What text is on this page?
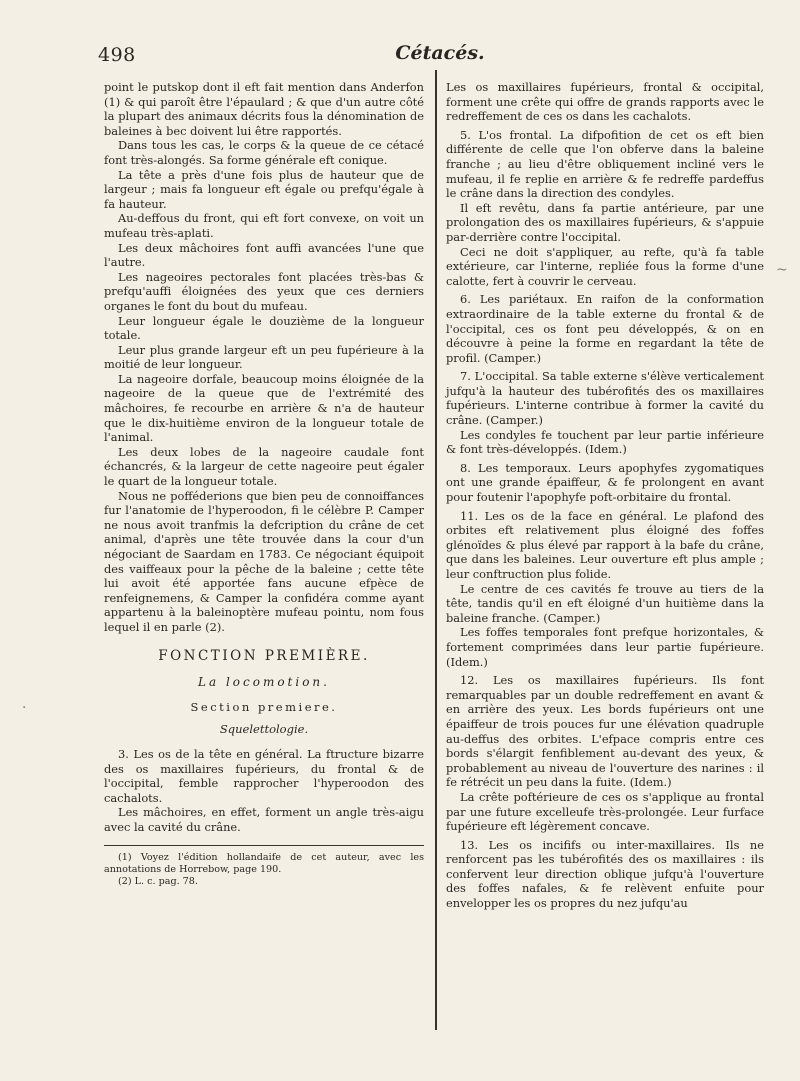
498	Cétacés.

point le putskop dont il eft fait mention dans Anderfon (1) & qui paroît être l'épaulard ; & que d'un autre côté la plupart des animaux décrits fous la dénomination de baleines à bec doivent lui être rapportés.

Dans tous les cas, le corps & la queue de ce cétacé font très-alongés. Sa forme générale eft conique.

La tête a près d'une fois plus de hauteur que de largeur ; mais fa longueur eft égale ou prefqu'égale à fa hauteur.

Au-deffous du front, qui eft fort convexe, on voit un mufeau très-aplati.

Les deux mâchoires font auffi avancées l'une que l'autre.

Les nageoires pectorales font placées très-bas & prefqu'auffi éloignées des yeux que ces derniers organes le font du bout du mufeau.

Leur longueur égale le douzième de la longueur totale.

Leur plus grande largeur eft un peu fupérieure à la moitié de leur longueur.

La nageoire dorfale, beaucoup moins éloignée de la nageoire de la queue que de l'extrémité des mâchoires, fe recourbe en arrière & n'a de hauteur que le dix-huitième environ de la longueur totale de l'animal.

Les deux lobes de la nageoire caudale font échancrés, & la largeur de cette nageoire peut égaler le quart de la longueur totale.

Nous ne pofféderions que bien peu de connoiffances fur l'anatomie de l'hyperoodon, fi le célèbre P. Camper ne nous avoit tranfmis la defcription du crâne de cet animal, d'après une tête trouvée dans la cour d'un négociant de Saardam en 1783. Ce négociant équipoit des vaiffeaux pour la pêche de la baleine ; cette tête lui avoit été apportée fans aucune efpèce de renfeignemens, & Camper la confidéra comme ayant appartenu à la baleinoptère mufeau pointu, nom fous lequel il en parle (2).

FONCTION PREMIÈRE.
La locomotion.
Section premiere.
Squelettologie.

3. Les os de la tête en général. La ftructure bizarre des os maxillaires fupérieurs, du frontal & de l'occipital, femble rapprocher l'hyperoodon des cachalots.

Les mâchoires, en effet, forment un angle très-aigu avec la cavité du crâne.

(1) Voyez l'édition hollandaife de cet auteur, avec les annotations de Horrebow, page 190.

(2) L. c. pag. 78.

Les os maxillaires fupérieurs, frontal & occipital, forment une crête qui offre de grands rapports avec le redreffement de ces os dans les cachalots.

5. L'os frontal. La difpofition de cet os eft bien différente de celle que l'on obferve dans la baleine franche ; au lieu d'être obliquement incliné vers le mufeau, il fe replie en arrière & fe redreffe pardeffus le crâne dans la direction des condyles.

Il eft revêtu, dans fa partie antérieure, par une prolongation des os maxillaires fupérieurs, & s'appuie par-derrière contre l'occipital.

Ceci ne doit s'appliquer, au refte, qu'à fa table extérieure, car l'interne, repliée fous la forme d'une calotte, fert à couvrir le cerveau.

6. Les pariétaux. En raifon de la conformation extraordinaire de la table externe du frontal & de l'occipital, ces os font peu développés, & on en découvre à peine la forme en regardant la tête de profil. (Camper.)

7. L'occipital. Sa table externe s'élève verticalement jufqu'à la hauteur des tubérofités des os maxillaires fupérieurs. L'interne contribue à former la cavité du crâne. (Camper.)

Les condyles fe touchent par leur partie inférieure & font très-développés. (Idem.)

8. Les temporaux. Leurs apophyfes zygomatiques ont une grande épaiffeur, & fe prolongent en avant pour foutenir l'apophyfe poft-orbitaire du frontal.

11. Les os de la face en général. Le plafond des orbites eft relativement plus éloigné des foffes glénoïdes & plus élevé par rapport à la bafe du crâne, que dans les baleines. Leur ouverture eft plus ample ; leur conftruction plus folide.

Le centre de ces cavités fe trouve au tiers de la tête, tandis qu'il en eft éloigné d'un huitième dans la baleine franche. (Camper.)

Les foffes temporales font prefque horizontales, & fortement comprimées dans leur partie fupérieure. (Idem.)

12. Les os maxillaires fupérieurs. Ils font remarquables par un double redreffement en avant & en arrière des yeux. Les bords fupérieurs ont une épaiffeur de trois pouces fur une élévation quadruple au-deffus des orbites. L'efpace compris entre ces bords s'élargit fenfiblement au-devant des yeux, & probablement au niveau de l'ouverture des narines : il fe rétrécit un peu dans la fuite. (Idem.)

La crête poftérieure de ces os s'applique au frontal par une future excelleufe très-prolongée. Leur furface fupérieure eft légèrement concave.

13. Les os incififs ou inter-maxillaires. Ils ne renforcent pas les tubérofités des os maxillaires : ils confervent leur direction oblique jufqu'à l'ouverture des foffes nafales, & fe relèvent enfuite pour envelopper les os propres du nez jufqu'au

~
·
